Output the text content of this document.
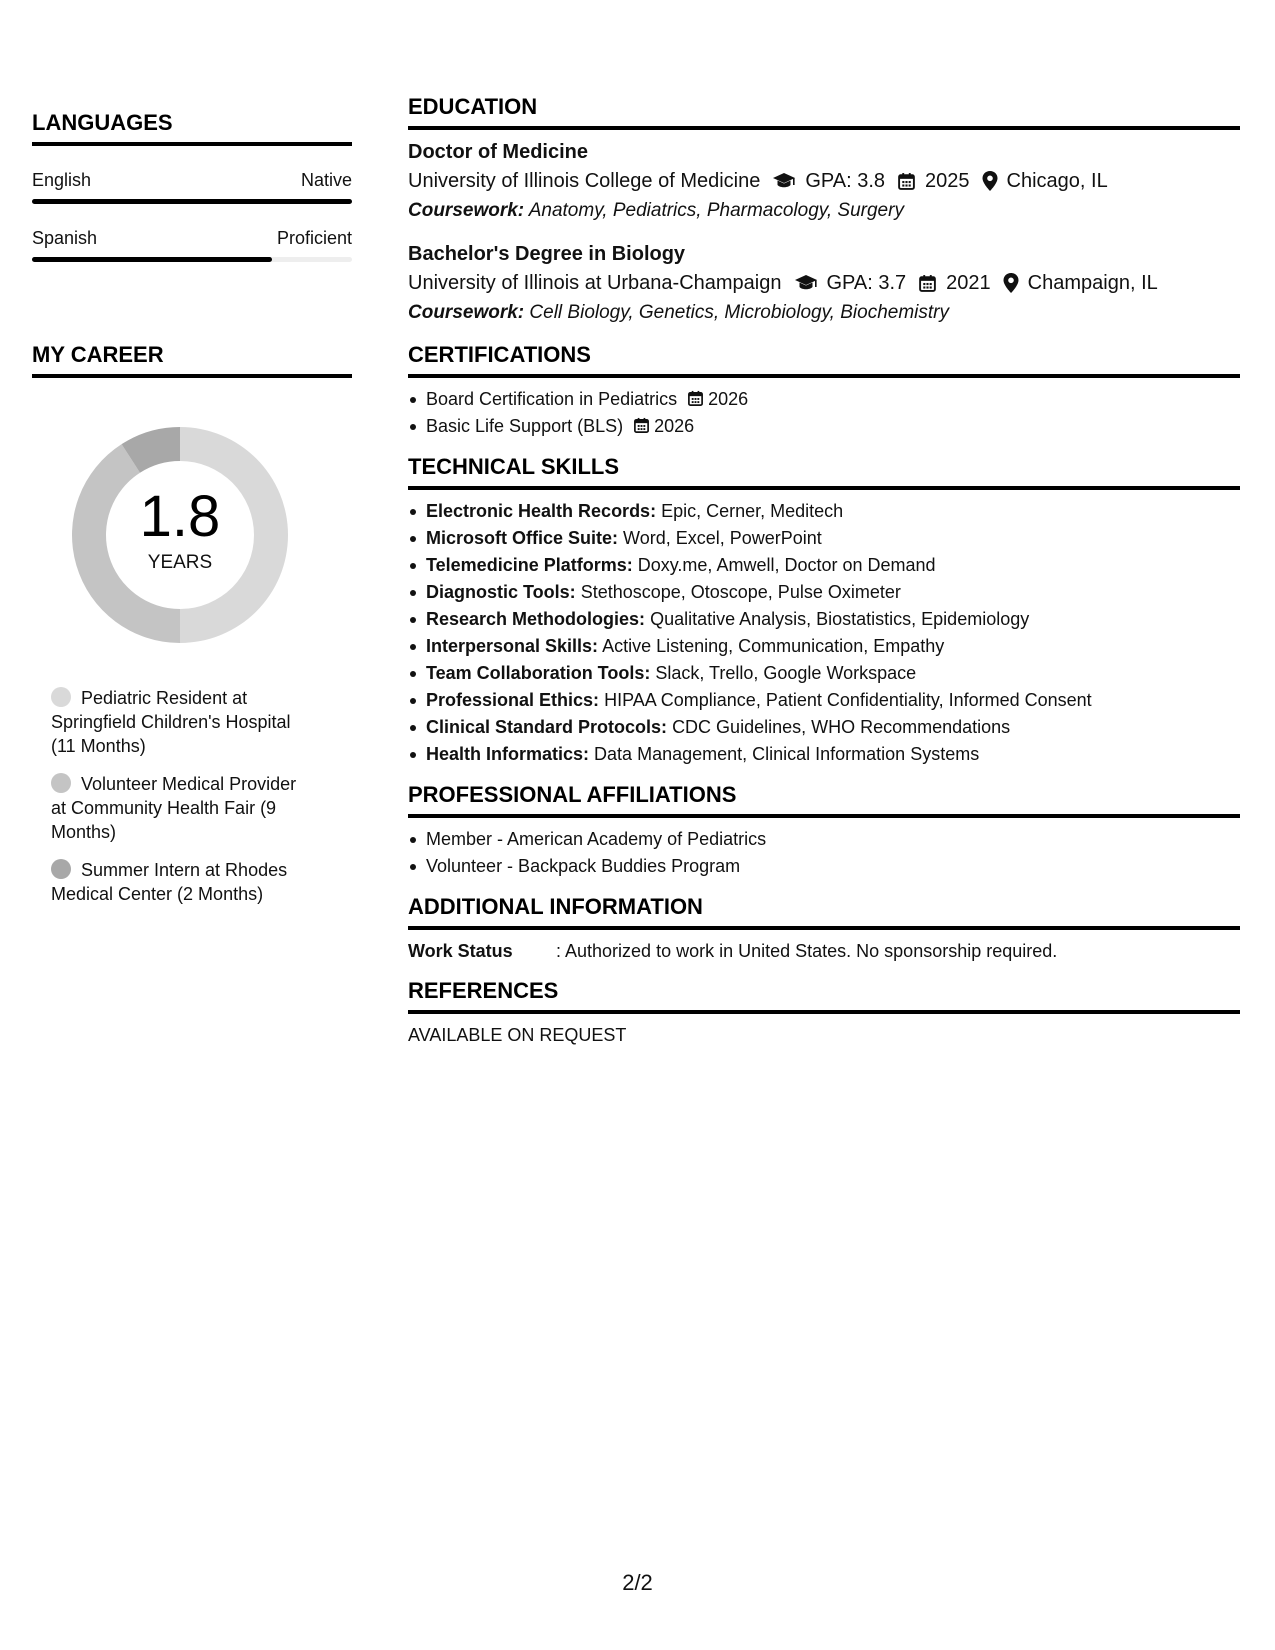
LANGUAGES
English	Native
Spanish	Proficient
MY CAREER
1.8
YEARS
Pediatric Resident at Springfield Children's Hospital (11 Months)
Volunteer Medical Provider at Community Health Fair (9 Months)
Summer Intern at Rhodes Medical Center (2 Months)
EDUCATION
Doctor of Medicine
University of Illinois College of Medicine GPA: 3.8 2025 Chicago, IL
Coursework: Anatomy, Pediatrics, Pharmacology, Surgery
Bachelor's Degree in Biology
University of Illinois at Urbana-Champaign GPA: 3.7 2021 Champaign, IL
Coursework: Cell Biology, Genetics, Microbiology, Biochemistry
CERTIFICATIONS
Board Certification in Pediatrics 2026
Basic Life Support (BLS) 2026
TECHNICAL SKILLS
Electronic Health Records: Epic, Cerner, Meditech
Microsoft Office Suite: Word, Excel, PowerPoint
Telemedicine Platforms: Doxy.me, Amwell, Doctor on Demand
Diagnostic Tools: Stethoscope, Otoscope, Pulse Oximeter
Research Methodologies: Qualitative Analysis, Biostatistics, Epidemiology
Interpersonal Skills: Active Listening, Communication, Empathy
Team Collaboration Tools: Slack, Trello, Google Workspace
Professional Ethics: HIPAA Compliance, Patient Confidentiality, Informed Consent
Clinical Standard Protocols: CDC Guidelines, WHO Recommendations
Health Informatics: Data Management, Clinical Information Systems
PROFESSIONAL AFFILIATIONS
Member - American Academy of Pediatrics
Volunteer - Backpack Buddies Program
ADDITIONAL INFORMATION
Work Status	: Authorized to work in United States. No sponsorship required.
REFERENCES
AVAILABLE ON REQUEST
2/2
